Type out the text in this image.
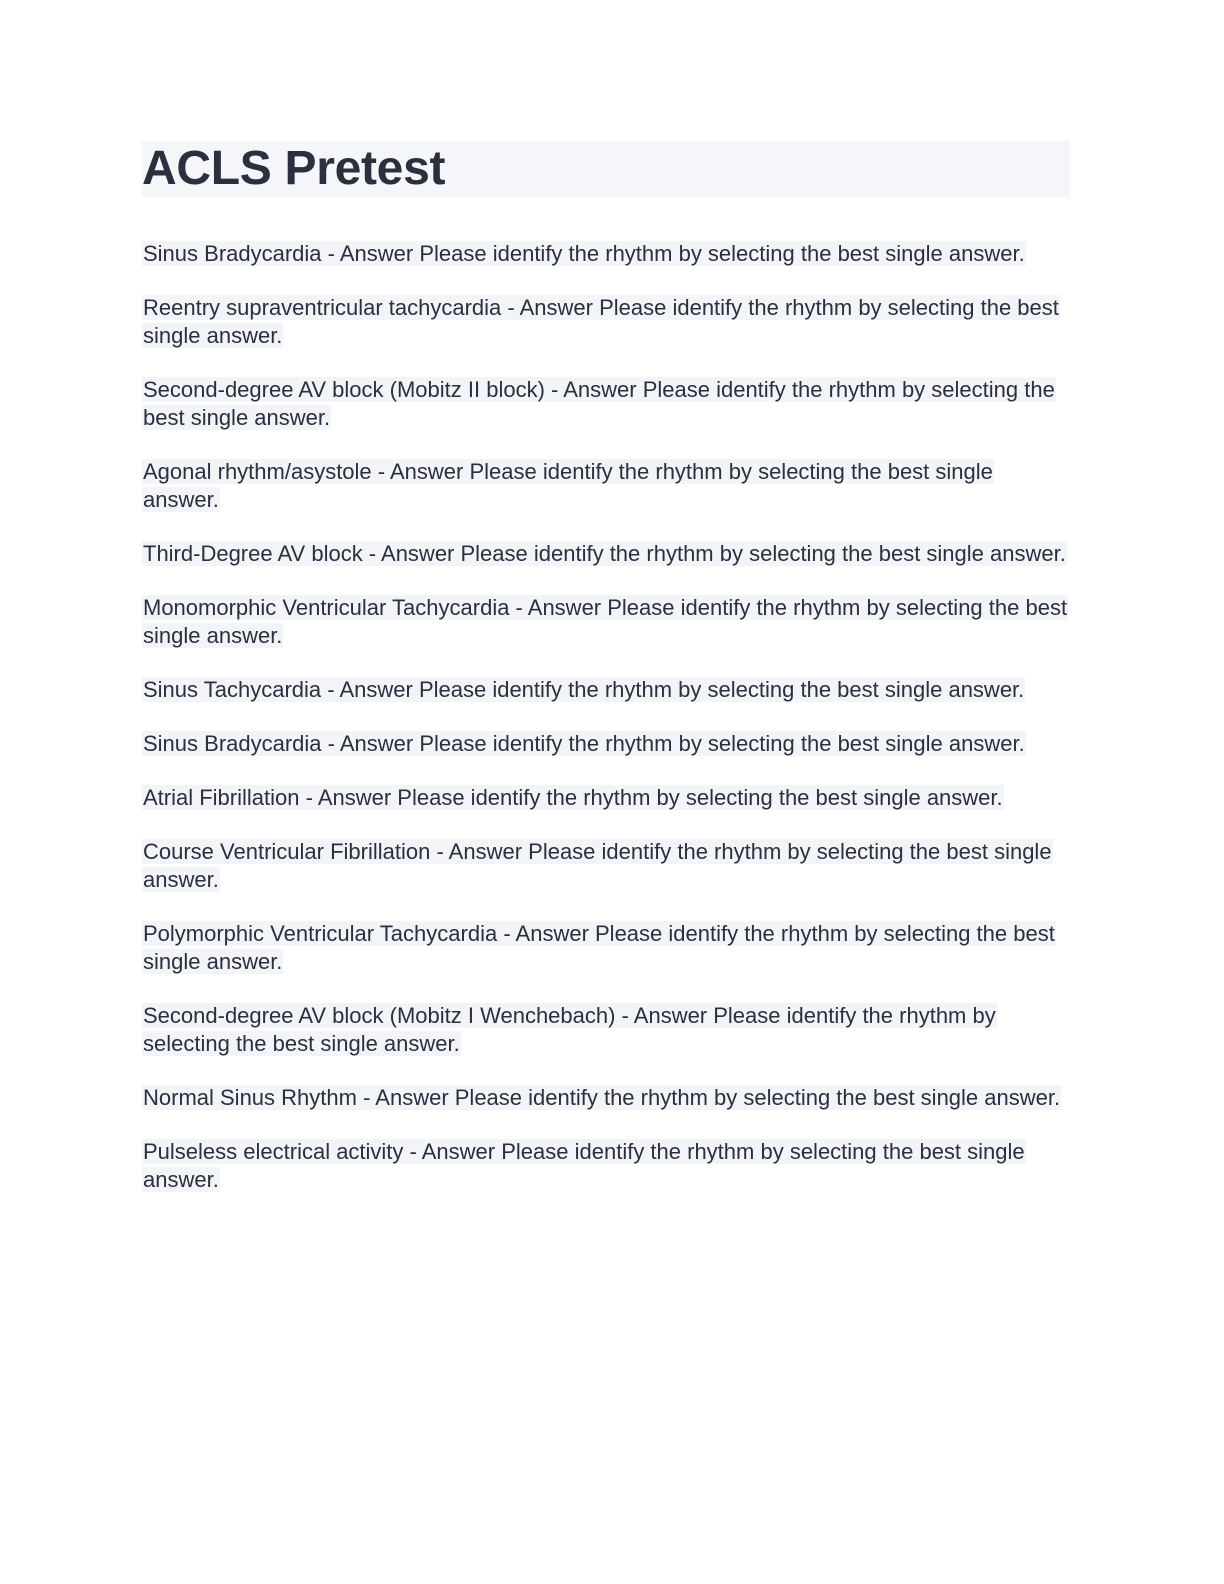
ACLS Pretest

Sinus Bradycardia - Answer Please identify the rhythm by selecting the best single answer.

Reentry supraventricular tachycardia - Answer Please identify the rhythm by selecting the best single answer.

Second-degree AV block (Mobitz II block) - Answer Please identify the rhythm by selecting the best single answer.

Agonal rhythm/asystole - Answer Please identify the rhythm by selecting the best single answer.

Third-Degree AV block - Answer Please identify the rhythm by selecting the best single answer.

Monomorphic Ventricular Tachycardia - Answer Please identify the rhythm by selecting the best single answer.

Sinus Tachycardia - Answer Please identify the rhythm by selecting the best single answer.

Sinus Bradycardia - Answer Please identify the rhythm by selecting the best single answer.

Atrial Fibrillation - Answer Please identify the rhythm by selecting the best single answer.

Course Ventricular Fibrillation - Answer Please identify the rhythm by selecting the best single answer.

Polymorphic Ventricular Tachycardia - Answer Please identify the rhythm by selecting the best single answer.

Second-degree AV block (Mobitz I Wenchebach) - Answer Please identify the rhythm by selecting the best single answer.

Normal Sinus Rhythm - Answer Please identify the rhythm by selecting the best single answer.

Pulseless electrical activity - Answer Please identify the rhythm by selecting the best single answer.
